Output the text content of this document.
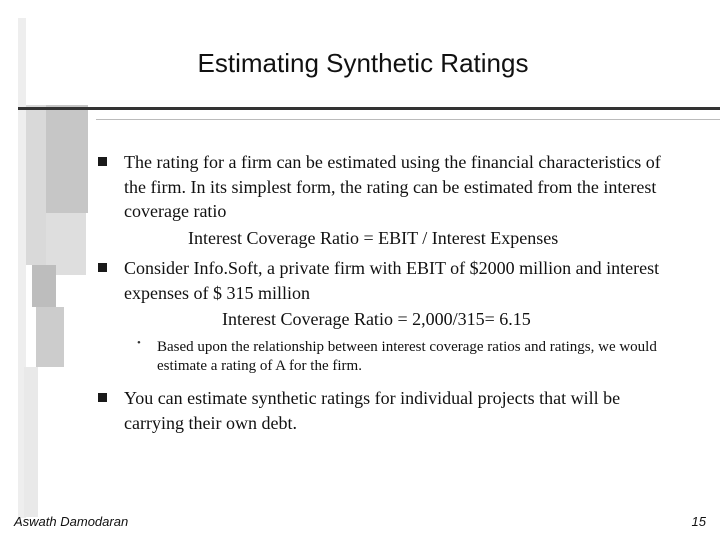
Estimating Synthetic Ratings
The rating for a firm can be estimated using the financial characteristics of the firm. In its simplest form, the rating can be estimated from the interest coverage ratio
Interest Coverage Ratio = EBIT / Interest Expenses
Consider Info.Soft, a private firm with EBIT of $2000 million and interest expenses of $ 315 million
Interest Coverage Ratio = 2,000/315= 6.15
• Based upon the relationship between interest coverage ratios and ratings, we would estimate a rating of A for the firm.
You can estimate synthetic ratings for individual projects that will be carrying their own debt.
Aswath Damodaran	15
